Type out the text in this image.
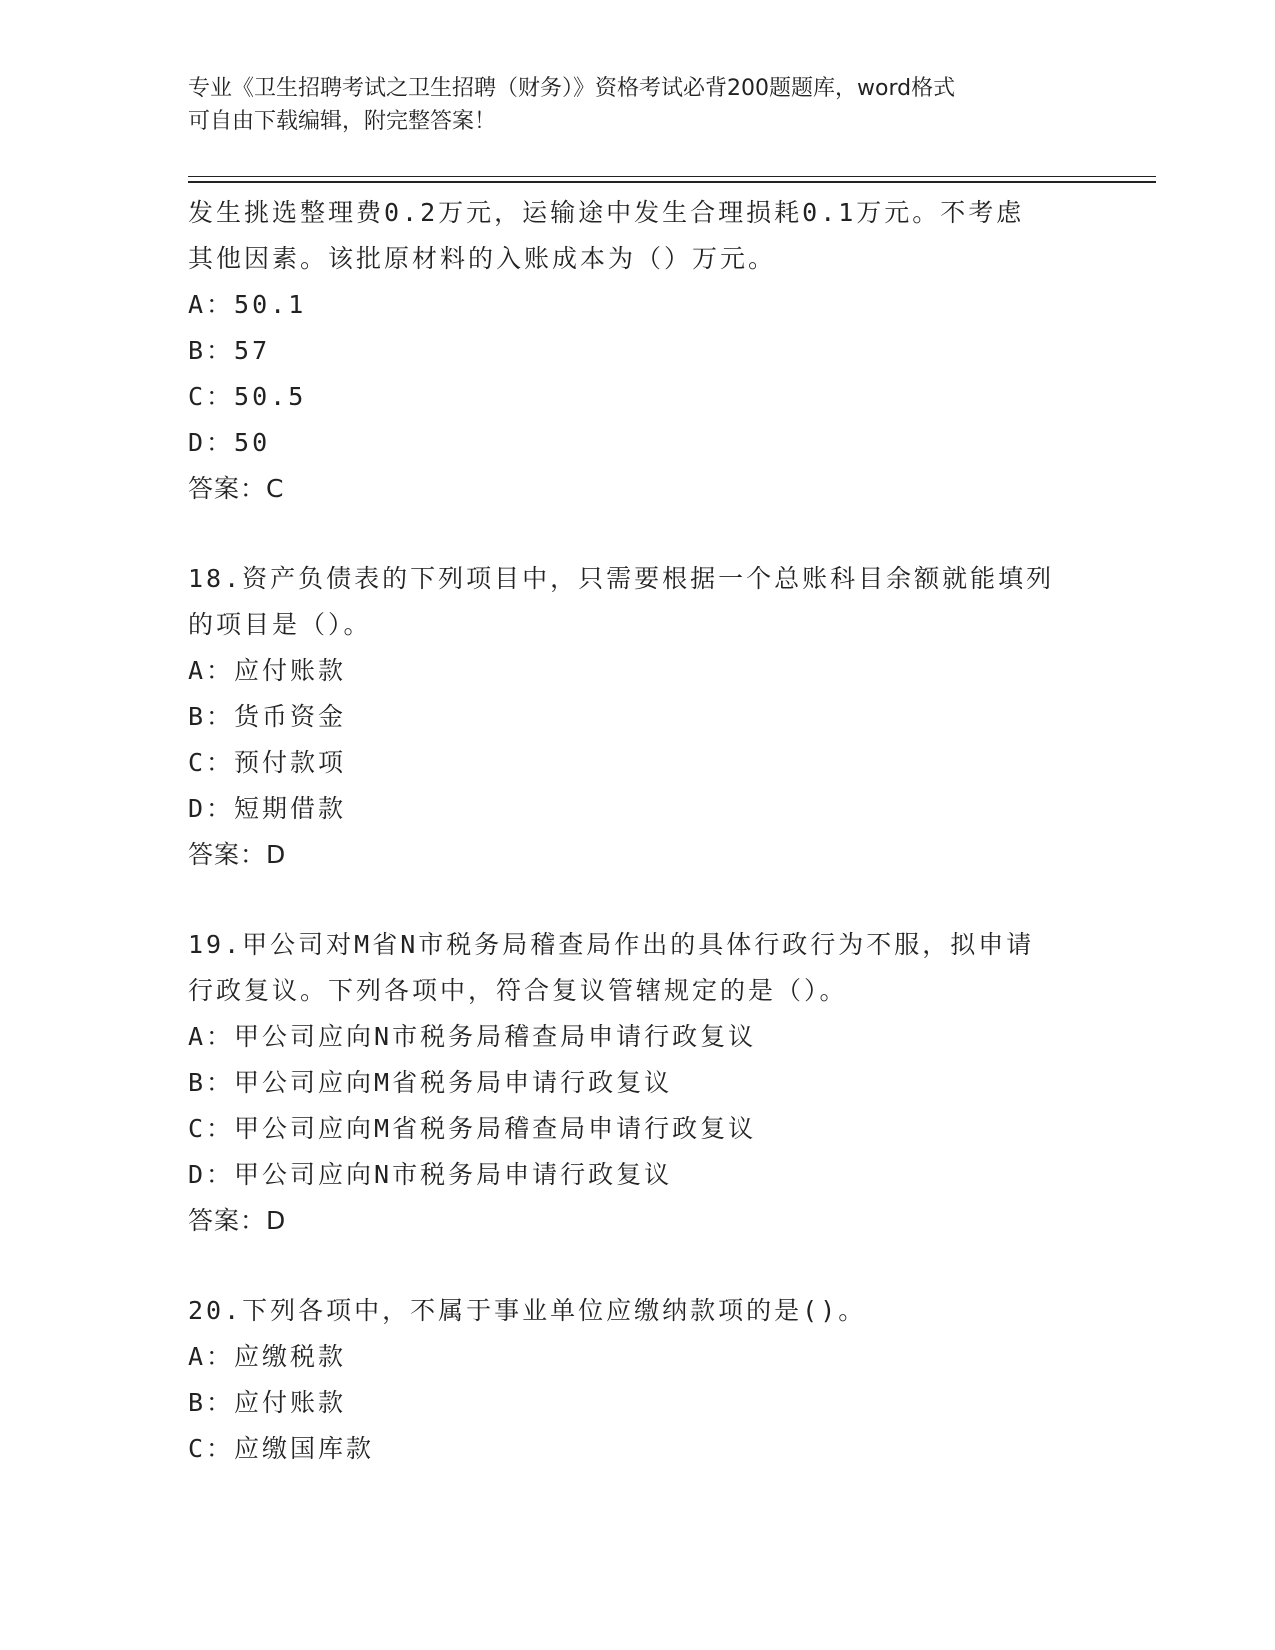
专业《卫生招聘考试之卫生招聘（财务）》资格考试必背200题题库，word格式
可自由下载编辑，附完整答案！
发生挑选整理费0.2万元，运输途中发生合理损耗0.1万元。不考虑
其他因素。该批原材料的入账成本为（）万元。
A：50.1
B：57
C：50.5
D：50
答案：C
18.资产负债表的下列项目中，只需要根据一个总账科目余额就能填列
的项目是（）。
A：应付账款
B：货币资金
C：预付款项
D：短期借款
答案：D
19.甲公司对M省N市税务局稽查局作出的具体行政行为不服，拟申请
行政复议。下列各项中，符合复议管辖规定的是（）。
A：甲公司应向N市税务局稽查局申请行政复议
B：甲公司应向M省税务局申请行政复议
C：甲公司应向M省税务局稽查局申请行政复议
D：甲公司应向N市税务局申请行政复议
答案：D
20.下列各项中，不属于事业单位应缴纳款项的是()。
A：应缴税款
B：应付账款
C：应缴国库款
